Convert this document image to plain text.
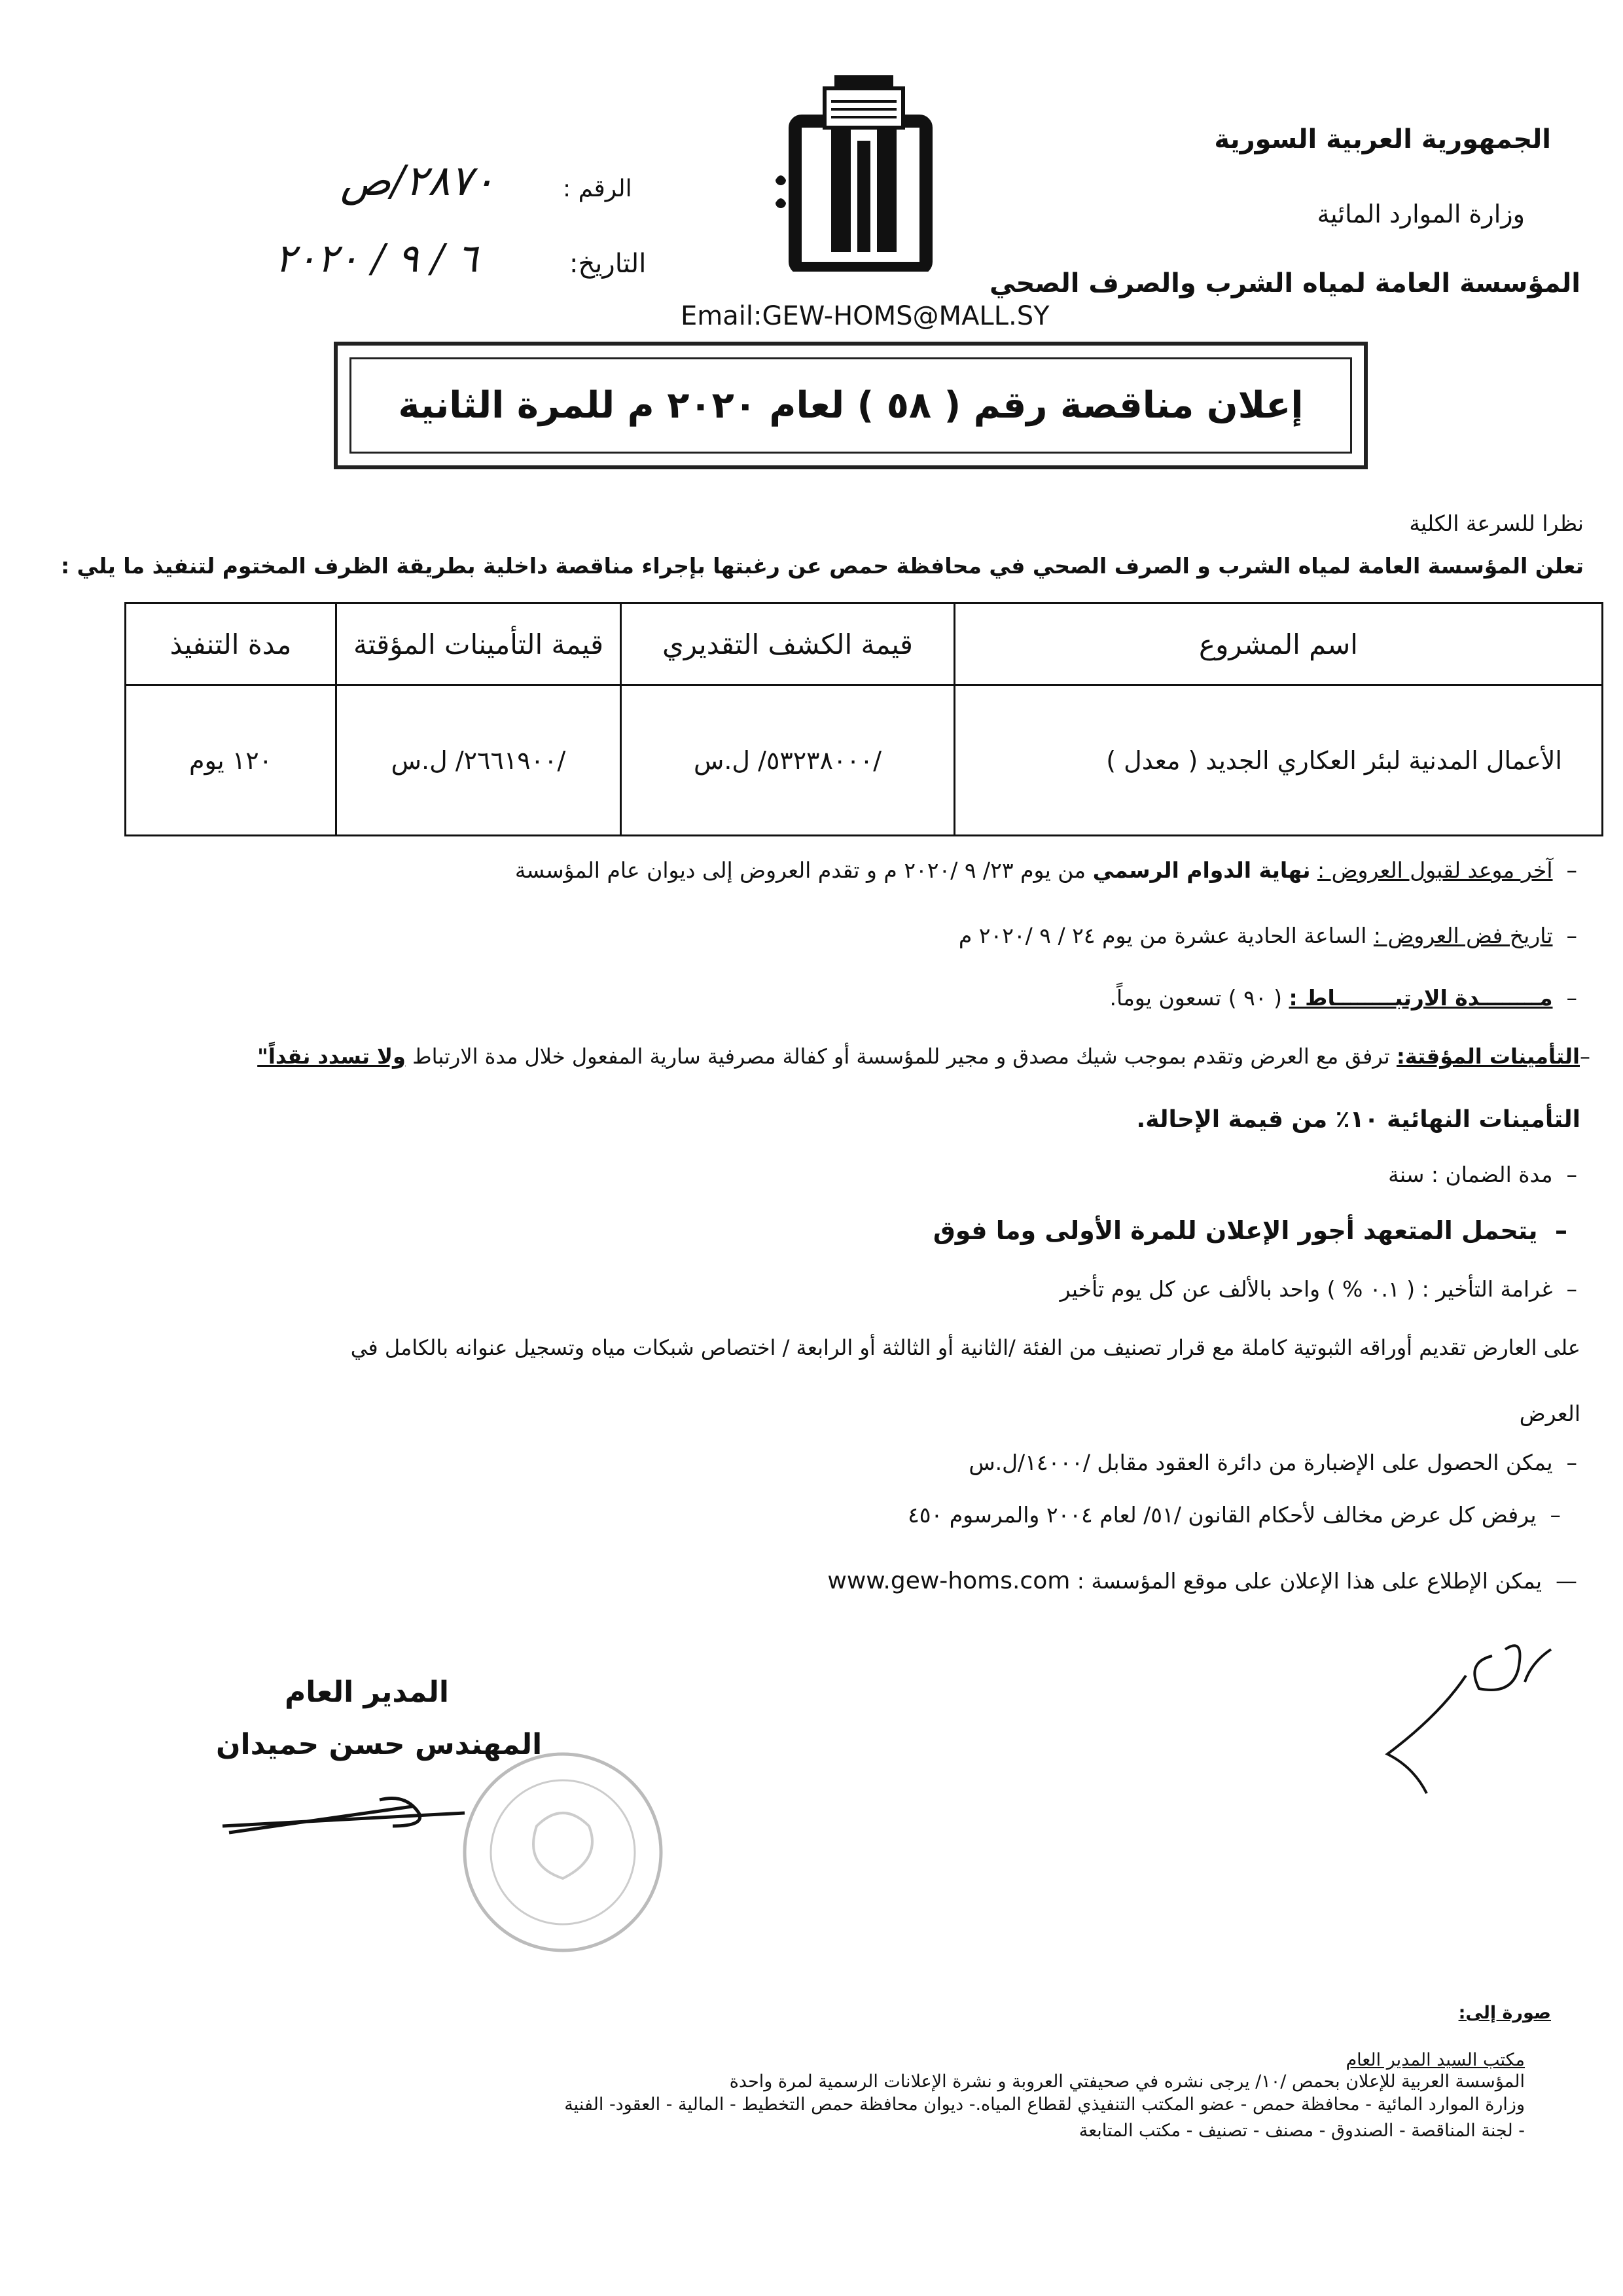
الجمهورية العربية السورية
وزارة الموارد المائية
المؤسسة العامة لمياه الشرب والصرف الصحي
Email:GEW-HOMS@MALL.SY
الرقم :
٢٨٧٠/ص
التاريخ:
٦ / ٩ / ٢٠٢٠
إعلان مناقصة رقم ( ٥٨ ) لعام ٢٠٢٠ م للمرة الثانية
نظرا للسرعة الكلية
تعلن المؤسسة العامة لمياه الشرب و الصرف الصحي في محافظة حمص عن رغبتها بإجراء مناقصة داخلية بطريقة الظرف المختوم لتنفيذ ما يلي :
اسم المشروع	قيمة الكشف التقديري	قيمة التأمينات المؤقتة	مدة التنفيذ
الأعمال المدنية لبئر العكاري الجديد ( معدل )	/٥٣٢٣٨٠٠٠/ ل.س	/٢٦٦١٩٠٠/ ل.س	١٢٠ يوم
–  آخر موعد لقبول العروض : نهاية الدوام الرسمي من يوم ٢٣/ ٩ /٢٠٢٠ م و تقدم العروض إلى ديوان عام المؤسسة
–  تاريخ فض العروض : الساعة الحادية عشرة من يوم ٢٤ / ٩ /٢٠٢٠ م
–  مــــــــدة الارتبــــــــاط : ( ٩٠ ) تسعون يوماً.
–التأمينات المؤقتة: ترفق مع العرض وتقدم بموجب شيك مصدق و مجير للمؤسسة أو كفالة مصرفية سارية المفعول خلال مدة الارتباط ولا تسدد نقداً"
التأمينات النهائية ١٠٪ من قيمة الإحالة.
–  مدة الضمان : سنة
–  يتحمل المتعهد أجور الإعلان للمرة الأولى وما فوق
–  غرامة التأخير : ( ٠.١ % ) واحد بالألف عن كل يوم تأخير
على العارض تقديم أوراقه الثبوتية كاملة مع قرار تصنيف من الفئة /الثانية أو الثالثة أو الرابعة / اختصاص شبكات مياه وتسجيل عنوانه بالكامل في
العرض
–  يمكن الحصول على الإضبارة من دائرة العقود مقابل /١٤٠٠٠/ل.س
–  يرفض كل عرض مخالف لأحكام القانون /٥١/ لعام ٢٠٠٤ والمرسوم ٤٥٠
—  يمكن الإطلاع على هذا الإعلان على موقع المؤسسة : www.gew-homs.com
المدير العام
المهندس حسن حميدان
صورة إلى:
مكتب السيد المدير العام
المؤسسة العربية للإعلان بحمص /١٠/ يرجى نشره في صحيفتي العروبة و نشرة الإعلانات الرسمية لمرة واحدة
وزارة الموارد المائية - محافظة حمص - عضو المكتب التنفيذي لقطاع المياه.- ديوان محافظة حمص التخطيط - المالية - العقود- الفنية
- لجنة المناقصة - الصندوق - مصنف - تصنيف - مكتب المتابعة
